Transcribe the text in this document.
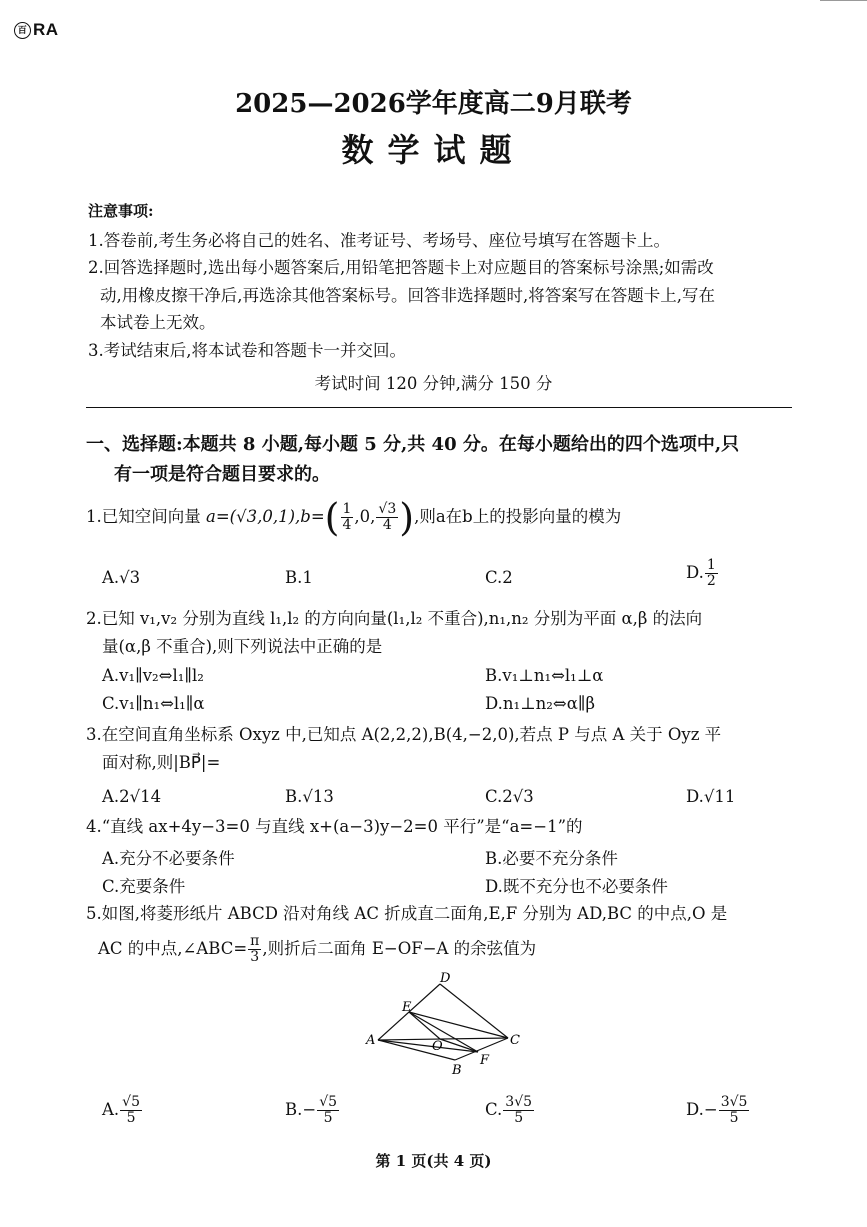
百 RA
2025—2026学年度高二9月联考
数学试题
注意事项:
1.答卷前,考生务必将自己的姓名、准考证号、考场号、座位号填写在答题卡上。
2.回答选择题时,选出每小题答案后,用铅笔把答题卡上对应题目的答案标号涂黑;如需改
动,用橡皮擦干净后,再选涂其他答案标号。回答非选择题时,将答案写在答题卡上,写在
本试卷上无效。
3.考试结束后,将本试卷和答题卡一并交回。
考试时间 120 分钟,满分 150 分
一、选择题:本题共 8 小题,每小题 5 分,共 40 分。在每小题给出的四个选项中,只
有一项是符合题目要求的。
1.已知空间向量 $a=(√3,0,1),b=( \frac{1}{4} ,0$, $\frac{√3}{4}$ ),则a在b上的投影向量的模为
A.√3	B.1	C.2	D. $\frac{1}{2}$
2.已知 v₁,v₂ 分别为直线 l₁,l₂ 的方向向量(l₁,l₂ 不重合),n₁,n₂ 分别为平面 α,β 的法向
量(α,β 不重合),则下列说法中正确的是
A.v₁∥v₂⇔l₁∥l₂	B.v₁⊥n₁⇔l₁⊥α
C.v₁∥n₁⇔l₁∥α	D.n₁⊥n₂⇔α∥β
3.在空间直角坐标系 Oxyz 中,已知点 A(2,2,2),B(4,−2,0),若点 P 与点 A 关于 Oyz 平
面对称,则|BP⃗|=
A.2√14	B.√13	C.2√3	D.√11
4.“直线 ax+4y−3=0 与直线 x+(a−3)y−2=0 平行”是“a=−1”的
A.充分不必要条件	B.必要不充分条件
C.充要条件	D.既不充分也不必要条件
5.如图,将菱形纸片 ABCD 沿对角线 AC 折成直二面角,E,F 分别为 AD,BC 的中点,O 是
AC 的中点,∠ABC= $\frac{\pi}{3}$ ,则折后二面角 E−OF−A 的余弦值为
D
E
A	O	C
F
B
A. $\frac{√5}{5}$	$B.- \frac{√5}{5}$	C. $\frac{3√5}{5}$	$D.- \frac{3√5}{5}$
第 1 页(共 4 页)
